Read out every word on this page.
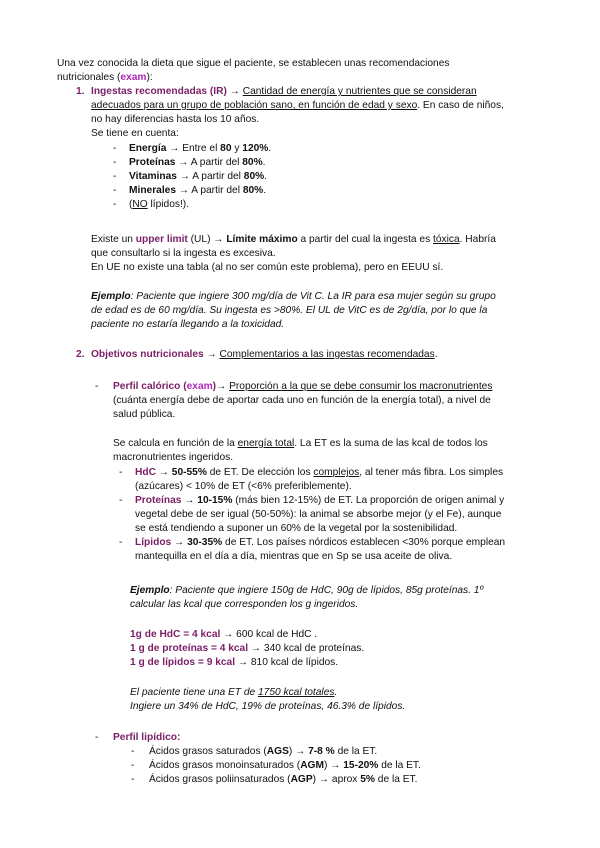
Una vez conocida la dieta que sigue el paciente, se establecen unas recomendaciones

nutricionales (exam):

1. Ingestas recomendadas (IR) → Cantidad de energía y nutrientes que se consideran

adecuados para un grupo de población sano, en función de edad y sexo. En caso de niños,

no hay diferencias hasta los 10 años.

Se tiene en cuenta:

- Energía → Entre el 80 y 120%.
- Proteínas → A partir del 80%.
- Vitaminas → A partir del 80%.
- Minerales → A partir del 80%.
- (NO lípidos!).

Existe un upper limit (UL) → Límite máximo a partir del cual la ingesta es tóxica. Habría

que consultarlo si la ingesta es excesiva.

En UE no existe una tabla (al no ser común este problema), pero en EEUU sí.

Ejemplo: Paciente que ingiere 300 mg/día de Vit C. La IR para esa mujer según su grupo

de edad es de 60 mg/día. Su ingesta es >80%. El UL de VitC es de 2g/día, por lo que la

paciente no estaría llegando a la toxicidad.

2. Objetivos nutricionales → Complementarios a las ingestas recomendadas.

- Perfil calórico (exam)→ Proporción a la que se debe consumir los macronutrientes

(cuánta energía debe de aportar cada uno en función de la energía total), a nivel de

salud pública.

Se calcula en función de la energía total. La ET es la suma de las kcal de todos los

macronutrientes ingeridos.

- HdC → 50-55% de ET. De elección los complejos, al tener más fibra. Los simples
(azúcares) < 10% de ET (<6% preferiblemente).
- Proteínas → 10-15% (más bien 12-15%) de ET. La proporción de origen animal y
vegetal debe de ser igual (50-50%): la animal se absorbe mejor (y el Fe), aunque
se está tendiendo a suponer un 60% de la vegetal por la sostenibilidad.
- Lípidos → 30-35% de ET. Los países nórdicos establecen <30% porque emplean
mantequilla en el día a día, mientras que en Sp se usa aceite de oliva.

Ejemplo: Paciente que ingiere 150g de HdC, 90g de lípidos, 85g proteínas. 1º

calcular las kcal que corresponden los g ingeridos.

1g de HdC = 4 kcal → 600 kcal de HdC .

1 g de proteínas = 4 kcal → 340 kcal de proteínas.

1 g de lípidos = 9 kcal → 810 kcal de lípidos.

El paciente tiene una ET de 1750 kcal totales.

Ingiere un 34% de HdC, 19% de proteínas, 46.3% de lípidos.

- Perfil lipídico:
- Ácidos grasos saturados (AGS) → 7-8 % de la ET.
- Ácidos grasos monoinsaturados (AGM) → 15-20% de la ET.
- Ácidos grasos poliinsaturados (AGP) → aprox 5% de la ET.
